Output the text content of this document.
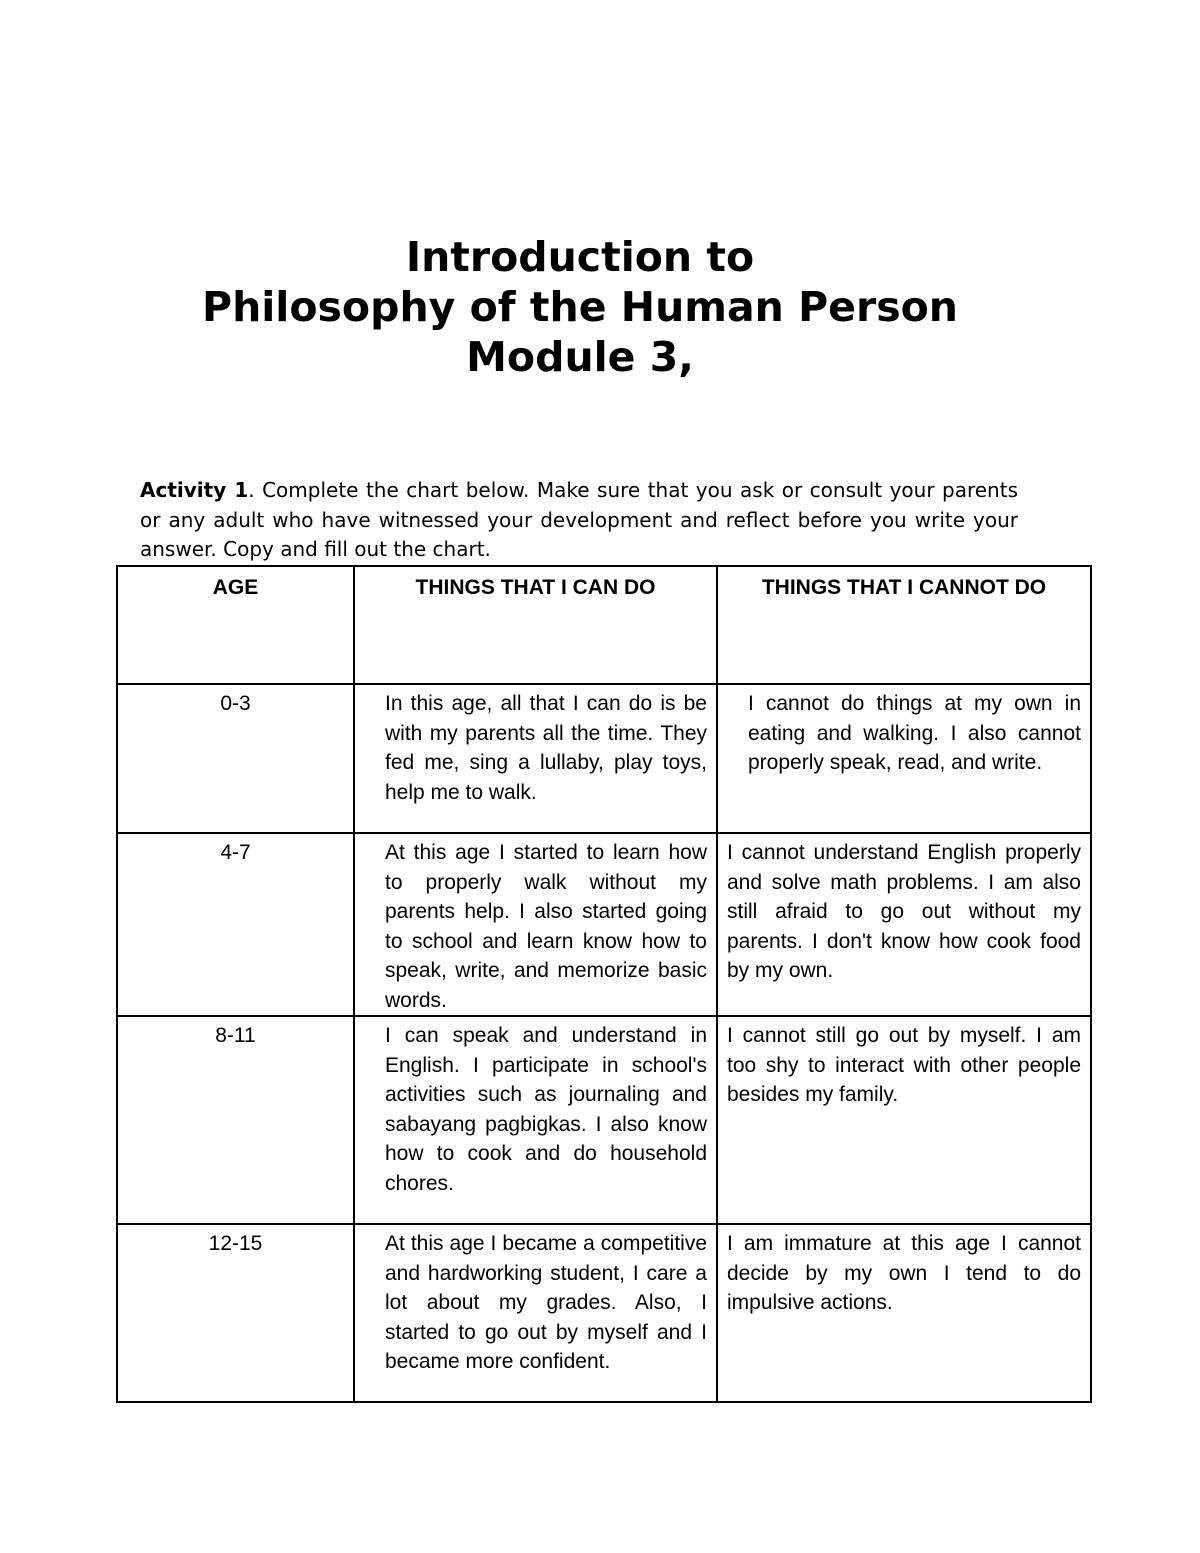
Introduction to
Philosophy of the Human Person
Module 3,
Activity 1. Complete the chart below. Make sure that you ask or consult your parents or any adult who have witnessed your development and reflect before you write your answer. Copy and fill out the chart.
AGE	THINGS THAT I CAN DO	THINGS THAT I CANNOT DO
0-3	In this age, all that I can do is be with my parents all the time. They fed me, sing a lullaby, play toys, help me to walk.	I cannot do things at my own in eating and walking. I also cannot properly speak, read, and write.
4-7	At this age I started to learn how to properly walk without my parents help. I also started going to school and learn know how to speak, write, and memorize basic words.	I cannot understand English properly and solve math problems. I am also still afraid to go out without my parents. I don't know how cook food by my own.
8-11	I can speak and understand in English. I participate in school's activities such as journaling and sabayang pagbigkas. I also know how to cook and do household chores.	I cannot still go out by myself. I am too shy to interact with other people besides my family.
12-15	At this age I became a competitive and hardworking student, I care a lot about my grades. Also, I started to go out by myself and I became more confident.	I am immature at this age I cannot decide by my own I tend to do impulsive actions.
